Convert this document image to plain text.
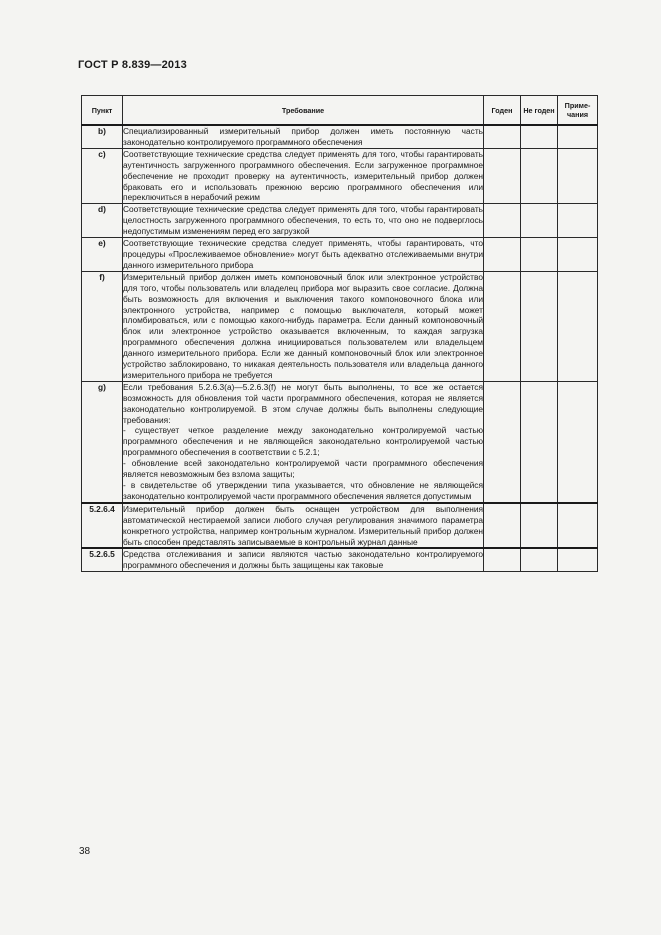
ГОСТ Р 8.839—2013
Пункт	Требование	Годен	Не годен	Приме-чания
b)	Специализированный измерительный прибор должен иметь постоянную часть законодательно контролируемого программного обеспечения			
c)	Соответствующие технические средства следует применять для того, чтобы гарантировать аутентичность загруженного программного обеспечения. Если загруженное программное обеспечение не проходит проверку на аутентичность, измерительный прибор должен браковать его и использовать прежнюю версию программного обеспечения или переключиться в нерабочий режим			
d)	Соответствующие технические средства следует применять для того, чтобы гарантировать целостность загруженного программного обеспечения, то есть то, что оно не подверглось недопустимым изменениям перед его загрузкой			
e)	Соответствующие технические средства следует применять, чтобы гарантировать, что процедуры «Прослеживаемое обновление» могут быть адекватно отслеживаемыми внутри данного измерительного прибора			
f)	Измерительный прибор должен иметь компоновочный блок или электронное устройство для того, чтобы пользователь или владелец прибора мог выразить свое согласие. Должна быть возможность для включения и выключения такого компоновочного блока или электронного устройства, например с помощью выключателя, который может пломбироваться, или с помощью какого-нибудь параметра. Если данный компоновочный блок или электронное устройство оказывается включенным, то каждая загрузка программного обеспечения должна инициироваться пользователем или владельцем данного измерительного прибора. Если же данный компоновочный блок или электронное устройство заблокировано, то никакая деятельность пользователя или владельца данного измерительного прибора не требуется			
g)	Если требования 5.2.6.3(а)—5.2.6.3(f) не могут быть выполнены, то все же остается возможность для обновления той части программного обеспечения, которая не является законодательно контролируемой. В этом случае должны быть выполнены следующие требования:
- существует четкое разделение между законодательно контролируемой частью программного обеспечения и не являющейся законодательно контролируемой частью программного обеспечения в соответствии с 5.2.1;
- обновление всей законодательно контролируемой части программного обеспечения является невозможным без взлома защиты;
- в свидетельстве об утверждении типа указывается, что обновление не являющейся законодательно контролируемой части программного обеспечения является допустимым			
5.2.6.4	Измерительный прибор должен быть оснащен устройством для выполнения автоматической нестираемой записи любого случая регулирования значимого параметра конкретного устройства, например контрольным журналом. Измерительный прибор должен быть способен представлять записываемые в контрольный журнал данные			
5.2.6.5	Средства отслеживания и записи являются частью законодательно контролируемого программного обеспечения и должны быть защищены как таковые			
38
